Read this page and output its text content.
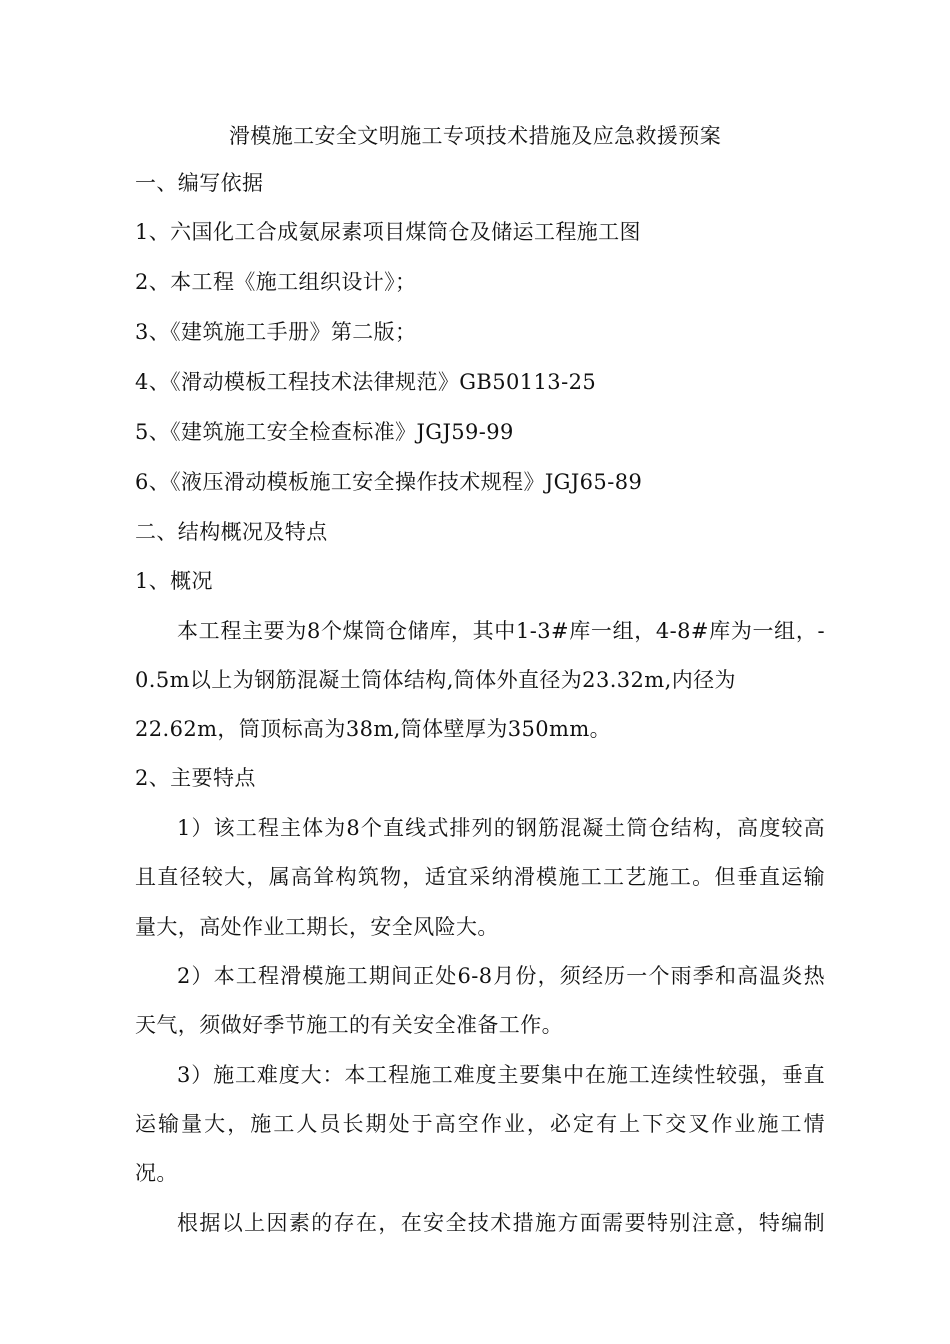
滑模施工安全文明施工专项技术措施及应急救援预案
一、编写依据
1、六国化工合成氨尿素项目煤筒仓及储运工程施工图
2、本工程《施工组织设计》；
3、《建筑施工手册》第二版；
4、《滑动模板工程技术法律规范》GB50113-25
5、《建筑施工安全检查标准》JGJ59-99
6、《液压滑动模板施工安全操作技术规程》JGJ65-89
二、结构概况及特点
1、概况
本工程主要为8个煤筒仓储库，其中1-3#库一组，4-8#库为一组，-
0.5m以上为钢筋混凝土筒体结构,筒体外直径为23.32m,内径为
22.62m，筒顶标高为38m,筒体壁厚为350mm。
2、主要特点
1）该工程主体为8个直线式排列的钢筋混凝土筒仓结构，高度较高
且直径较大，属高耸构筑物，适宜采纳滑模施工工艺施工。但垂直运输
量大，高处作业工期长，安全风险大。
2）本工程滑模施工期间正处6-8月份，须经历一个雨季和高温炎热
天气，须做好季节施工的有关安全准备工作。
3）施工难度大：本工程施工难度主要集中在施工连续性较强，垂直
运输量大，施工人员长期处于高空作业，必定有上下交叉作业施工情
况。
根据以上因素的存在，在安全技术措施方面需要特别注意，特编制
